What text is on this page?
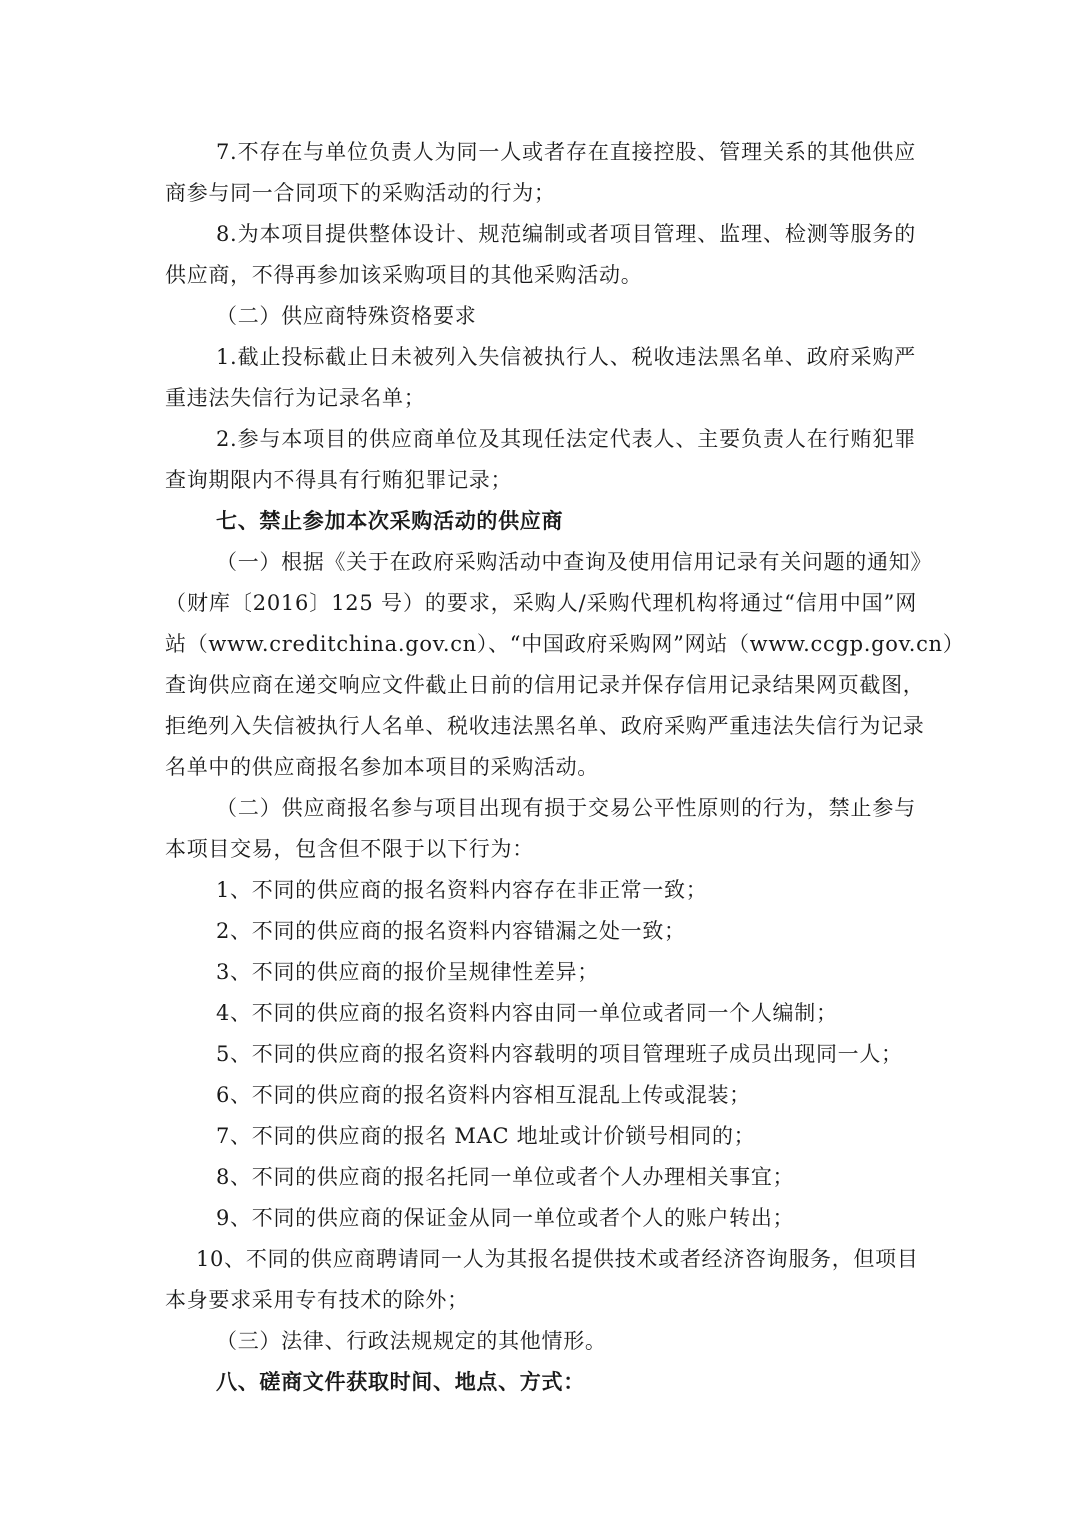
7.不存在与单位负责人为同一人或者存在直接控股、管理关系的其他供应
商参与同一合同项下的采购活动的行为；
8.为本项目提供整体设计、规范编制或者项目管理、监理、检测等服务的
供应商，不得再参加该采购项目的其他采购活动。
（二）供应商特殊资格要求
1.截止投标截止日未被列入失信被执行人、税收违法黑名单、政府采购严
重违法失信行为记录名单；
2.参与本项目的供应商单位及其现任法定代表人、主要负责人在行贿犯罪
查询期限内不得具有行贿犯罪记录；
七、禁止参加本次采购活动的供应商
（一）根据《关于在政府采购活动中查询及使用信用记录有关问题的通知》
（财库〔2016〕125 号）的要求，采购人/采购代理机构将通过“信用中国”网
站（www.creditchina.gov.cn）、“中国政府采购网”网站（www.ccgp.gov.cn）
查询供应商在递交响应文件截止日前的信用记录并保存信用记录结果网页截图，
拒绝列入失信被执行人名单、税收违法黑名单、政府采购严重违法失信行为记录
名单中的供应商报名参加本项目的采购活动。
（二）供应商报名参与项目出现有损于交易公平性原则的行为，禁止参与
本项目交易，包含但不限于以下行为：
1、不同的供应商的报名资料内容存在非正常一致；
2、不同的供应商的报名资料内容错漏之处一致；
3、不同的供应商的报价呈规律性差异；
4、不同的供应商的报名资料内容由同一单位或者同一个人编制；
5、不同的供应商的报名资料内容载明的项目管理班子成员出现同一人；
6、不同的供应商的报名资料内容相互混乱上传或混装；
7、不同的供应商的报名 MAC 地址或计价锁号相同的；
8、不同的供应商的报名托同一单位或者个人办理相关事宜；
9、不同的供应商的保证金从同一单位或者个人的账户转出；
10、不同的供应商聘请同一人为其报名提供技术或者经济咨询服务，但项目
本身要求采用专有技术的除外；
（三）法律、行政法规规定的其他情形。
八、磋商文件获取时间、地点、方式：
